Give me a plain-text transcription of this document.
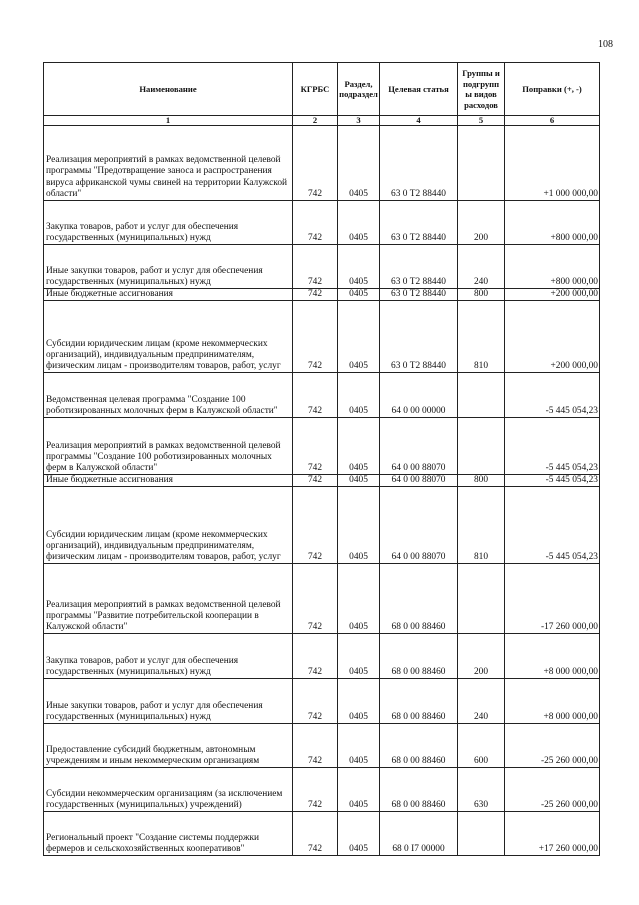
108
Наименование	КГРБС	Раздел, подраздел	Целевая статья	Группы и подгрупп ы видов расходов	Поправки (+, -)
1	2	3	4	5	6
Реализация мероприятий в рамках ведомственной целевой программы "Предотвращение заноса и распространения вируса африканской чумы свиней на территории Калужской области"	742	0405	63 0 Т2 88440		+1 000 000,00
Закупка товаров, работ и услуг для обеспечения государственных (муниципальных) нужд	742	0405	63 0 Т2 88440	200	+800 000,00
Иные закупки товаров, работ и услуг для обеспечения государственных (муниципальных) нужд	742	0405	63 0 Т2 88440	240	+800 000,00
Иные бюджетные ассигнования	742	0405	63 0 Т2 88440	800	+200 000,00
Субсидии юридическим лицам (кроме некоммерческих организаций), индивидуальным предпринимателям, физическим лицам - производителям товаров, работ, услуг	742	0405	63 0 Т2 88440	810	+200 000,00
Ведомственная целевая программа "Создание 100 роботизированных молочных ферм в Калужской области"	742	0405	64 0 00 00000		-5 445 054,23
Реализация мероприятий в рамках ведомственной целевой программы "Создание 100 роботизированных молочных ферм в Калужской области"	742	0405	64 0 00 88070		-5 445 054,23
Иные бюджетные ассигнования	742	0405	64 0 00 88070	800	-5 445 054,23
Субсидии юридическим лицам (кроме некоммерческих организаций), индивидуальным предпринимателям, физическим лицам - производителям товаров, работ, услуг	742	0405	64 0 00 88070	810	-5 445 054,23
Реализация мероприятий в рамках ведомственной целевой программы "Развитие потребительской кооперации в Калужской области"	742	0405	68 0 00 88460		-17 260 000,00
Закупка товаров, работ и услуг для обеспечения государственных (муниципальных) нужд	742	0405	68 0 00 88460	200	+8 000 000,00
Иные закупки товаров, работ и услуг для обеспечения государственных (муниципальных) нужд	742	0405	68 0 00 88460	240	+8 000 000,00
Предоставление субсидий бюджетным, автономным учреждениям и иным некоммерческим организациям	742	0405	68 0 00 88460	600	-25 260 000,00
Субсидии некоммерческим организациям (за исключением государственных (муниципальных) учреждений)	742	0405	68 0 00 88460	630	-25 260 000,00
Региональный проект "Создание системы поддержки фермеров и сельскохозяйственных кооперативов"	742	0405	68 0 I7 00000		+17 260 000,00
